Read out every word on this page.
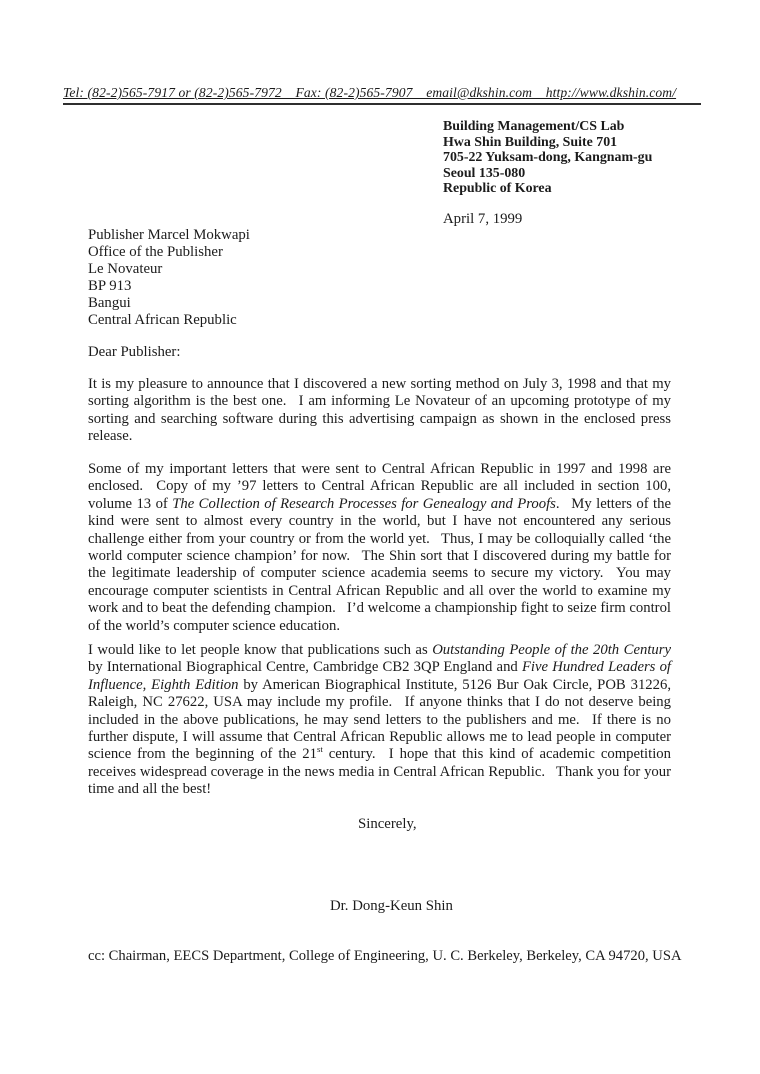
Tel: (82-2)565-7917 or (82-2)565-7972 Fax: (82-2)565-7907 email@dkshin.com http://www.dkshin.com/
Building Management/CS Lab
Hwa Shin Building, Suite 701
705-22 Yuksam-dong, Kangnam-gu
Seoul 135-080
Republic of Korea
April 7, 1999
Publisher Marcel Mokwapi
Office of the Publisher
Le Novateur
BP 913
Bangui
Central African Republic
Dear Publisher:

It is my pleasure to announce that I discovered a new sorting method on July 3, 1998 and that my sorting algorithm is the best one.  I am informing Le Novateur of an upcoming prototype of my sorting and searching software during this advertising campaign as shown in the enclosed press release.

Some of my important letters that were sent to Central African Republic in 1997 and 1998 are enclosed.  Copy of my ’97 letters to Central African Republic are all included in section 100, volume 13 of The Collection of Research Processes for Genealogy and Proofs.  My letters of the kind were sent to almost every country in the world, but I have not encountered any serious challenge either from your country or from the world yet.  Thus, I may be colloquially called ‘the world computer science champion’ for now.  The Shin sort that I discovered during my battle for the legitimate leadership of computer science academia seems to secure my victory.  You may encourage computer scientists in Central African Republic and all over the world to examine my work and to beat the defending champion.  I’d welcome a championship fight to seize firm control of the world’s computer science education.

I would like to let people know that publications such as Outstanding People of the 20th Century by International Biographical Centre, Cambridge CB2 3QP England and Five Hundred Leaders of Influence, Eighth Edition by American Biographical Institute, 5126 Bur Oak Circle, POB 31226, Raleigh, NC 27622, USA may include my profile.  If anyone thinks that I do not deserve being included in the above publications, he may send letters to the publishers and me.  If there is no further dispute, I will assume that Central African Republic allows me to lead people in computer science from the beginning of the 21st century.  I hope that this kind of academic competition receives widespread coverage in the news media in Central African Republic.  Thank you for your time and all the best!

Sincerely,
Dr. Dong-Keun Shin
cc: Chairman, EECS Department, College of Engineering, U. C. Berkeley, Berkeley, CA 94720, USA
